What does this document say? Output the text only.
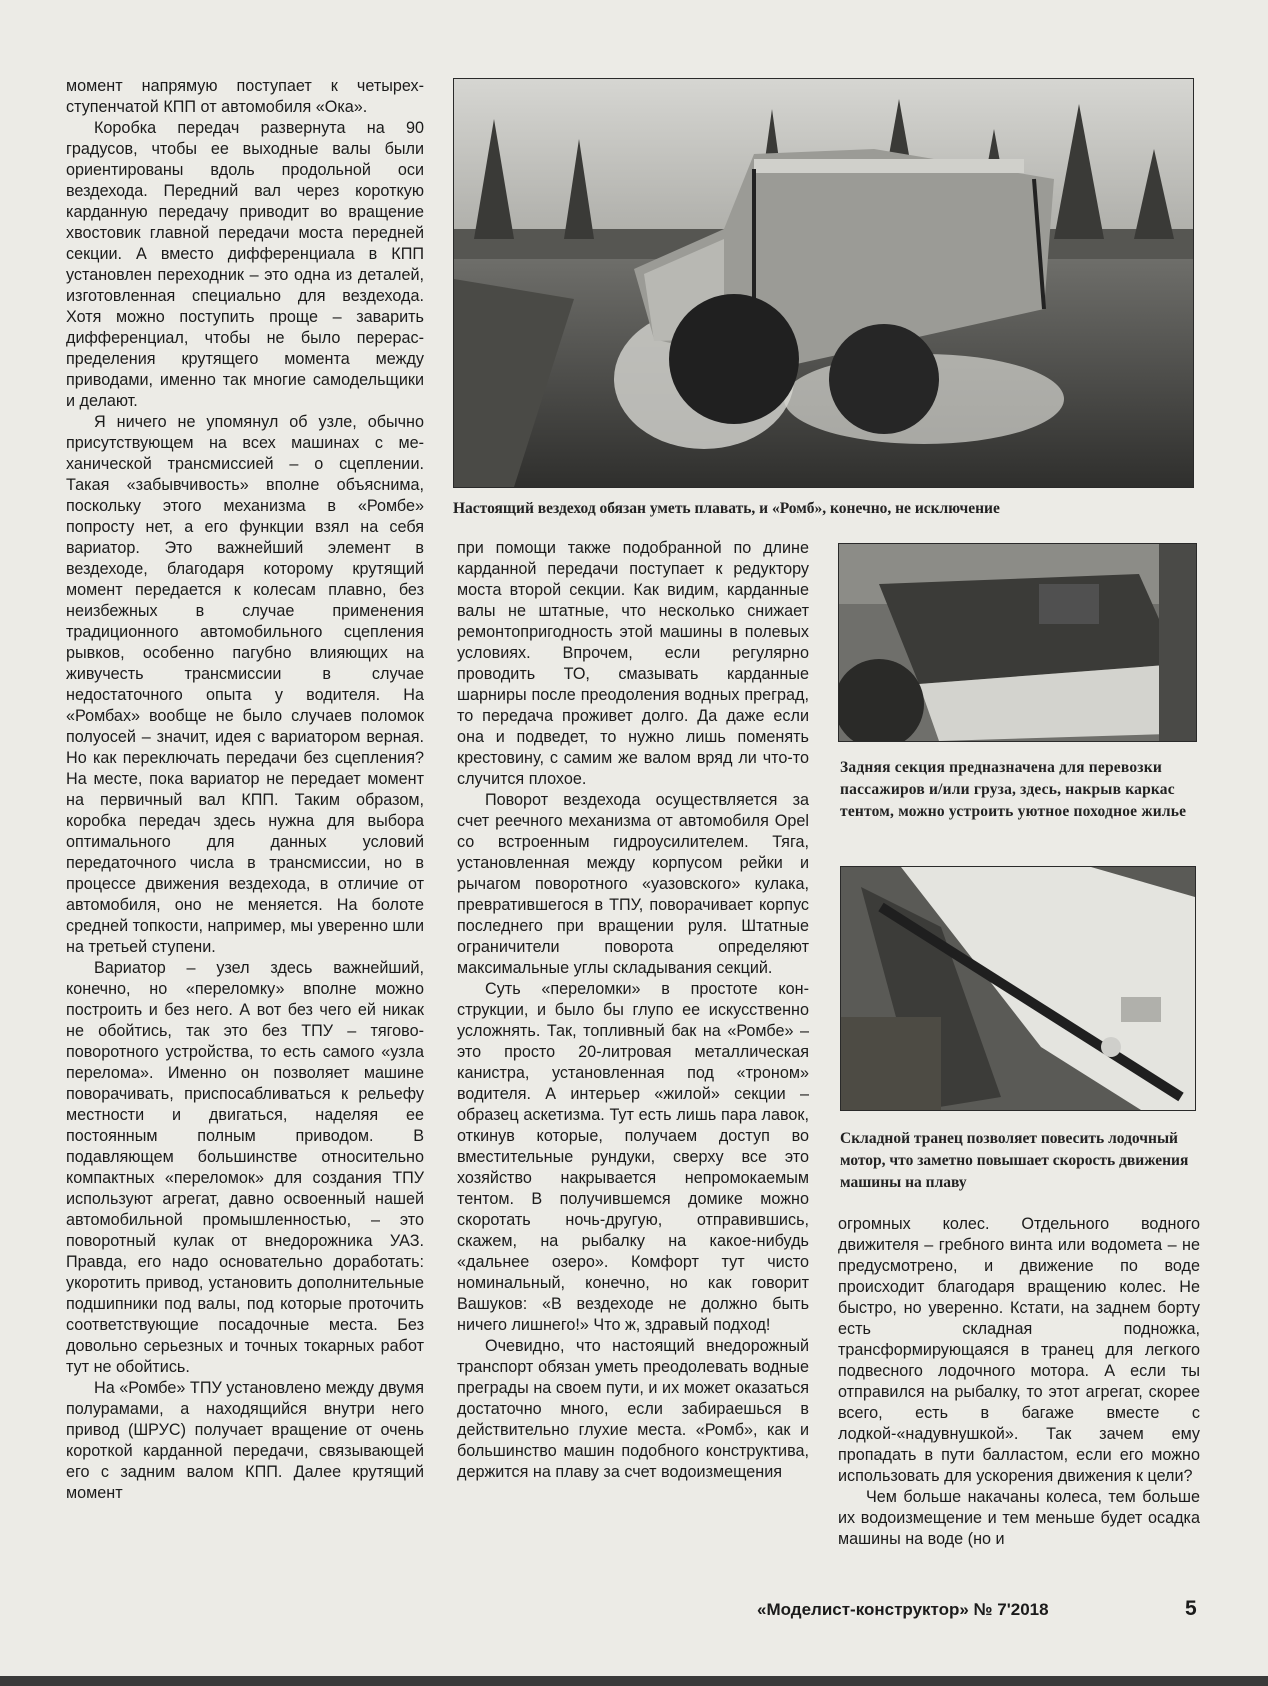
момент напрямую поступает к четырехступенчатой КПП от автомобиля «Ока».

Коробка передач развернута на 90 градусов, чтобы ее выходные валы были ориентированы вдоль продольной оси вездехода. Передний вал через короткую карданную передачу приводит во вращение хвостовик главной передачи моста передней секции. А вместо дифференциала в КПП установлен переходник – это одна из деталей, изготовленная специально для вездехода. Хотя можно поступить проще – заварить дифференциал, чтобы не было перераспределения крутящего момента между приводами, именно так многие самодельщики и делают.

Я ничего не упомянул об узле, обычно присутствующем на всех машинах с механической трансмиссией – о сцеплении. Такая «забывчивость» вполне объяснима, поскольку этого механизма в «Ромбе» попросту нет, а его функции взял на себя вариатор. Это важнейший элемент в вездеходе, благодаря которому крутящий момент передается к колесам плавно, без неизбежных в случае применения традиционного автомобильного сцепления рывков, особенно пагубно влияющих на живучесть трансмиссии в случае недостаточного опыта у водителя. На «Ромбах» вообще не было случаев поломок полуосей – значит, идея с вариатором верная. Но как переключать передачи без сцепления? На месте, пока вариатор не передает момент на первичный вал КПП. Таким образом, коробка передач здесь нужна для выбора оптимального для данных условий передаточного числа в трансмиссии, но в процессе движения вездехода, в отличие от автомобиля, оно не меняется. На болоте средней топкости, например, мы уверенно шли на третьей ступени.

Вариатор – узел здесь важнейший, конечно, но «переломку» вполне можно построить и без него. А вот без чего ей никак не обойтись, так это без ТПУ – тягово-поворотного устройства, то есть самого «узла перелома». Именно он позволяет машине поворачивать, приспосабливаться к рельефу местности и двигаться, наделяя ее постоянным полным приводом. В подавляющем большинстве относительно компактных «переломок» для создания ТПУ используют агрегат, давно освоенный нашей автомобильной промышленностью, – это поворотный кулак от внедорожника УАЗ. Правда, его надо основательно доработать: укоротить привод, установить дополнительные подшипники под валы, под которые проточить соответствующие посадочные места. Без довольно серьезных и точных токарных работ тут не обойтись.

На «Ромбе» ТПУ установлено между двумя полурамами, а находящийся внутри него привод (ШРУС) получает вращение от очень короткой карданной передачи, связывающей его с задним валом КПП. Далее крутящий момент

Настоящий вездеход обязан уметь плавать, и «Ромб», конечно, не исключение

при помощи также подобранной по длине карданной передачи поступает к редуктору моста второй секции. Как видим, карданные валы не штатные, что несколько снижает ремонтопригодность этой машины в полевых условиях. Впрочем, если регулярно проводить ТО, смазывать карданные шарниры после преодоления водных преград, то передача проживет долго. Да даже если она и подведет, то нужно лишь поменять крестовину, с самим же валом вряд ли что-то случится плохое.

Поворот вездехода осуществляется за счет реечного механизма от автомобиля Opel со встроенным гидроусилителем. Тяга, установленная между корпусом рейки и рычагом поворотного «уазовского» кулака, превратившегося в ТПУ, поворачивает корпус последнего при вращении руля. Штатные ограничители поворота определяют максимальные углы складывания секций.

Суть «переломки» в простоте конструкции, и было бы глупо ее искусственно усложнять. Так, топливный бак на «Ромбе» – это просто 20-литровая металлическая канистра, установленная под «троном» водителя. А интерьер «жилой» секции – образец аскетизма. Тут есть лишь пара лавок, откинув которые, получаем доступ во вместительные рундуки, сверху все это хозяйство накрывается непромокаемым тентом. В получившемся домике можно скоротать ночь-другую, отправившись, скажем, на рыбалку на какое-нибудь «дальнее озеро». Комфорт тут чисто номинальный, конечно, но как говорит Вашуков: «В вездеходе не должно быть ничего лишнего!» Что ж, здравый подход!

Очевидно, что настоящий внедорожный транспорт обязан уметь преодолевать водные преграды на своем пути, и их может оказаться достаточно много, если забираешься в действительно глухие места. «Ромб», как и большинство машин подобного конструктива, держится на плаву за счет водоизмещения

Задняя секция предназначена для перевозки пассажиров и/или груза, здесь, накрыв каркас тентом, можно устроить уютное походное жилье
Складной транец позволяет повесить лодочный мотор, что заметно повышает скорость движения машины на плаву

огромных колес. Отдельного водного движителя – гребного винта или водомета – не предусмотрено, и движение по воде происходит благодаря вращению колес. Не быстро, но уверенно. Кстати, на заднем борту есть складная подножка, трансформирующаяся в транец для легкого подвесного лодочного мотора. А если ты отправился на рыбалку, то этот агрегат, скорее всего, есть в багаже вместе с лодкой-«надувнушкой». Так зачем ему пропадать в пути балластом, если его можно использовать для ускорения движения к цели?

Чем больше накачаны колеса, тем больше их водоизмещение и тем меньше будет осадка машины на воде (но и

«Моделист-конструктор» № 7'2018	5
